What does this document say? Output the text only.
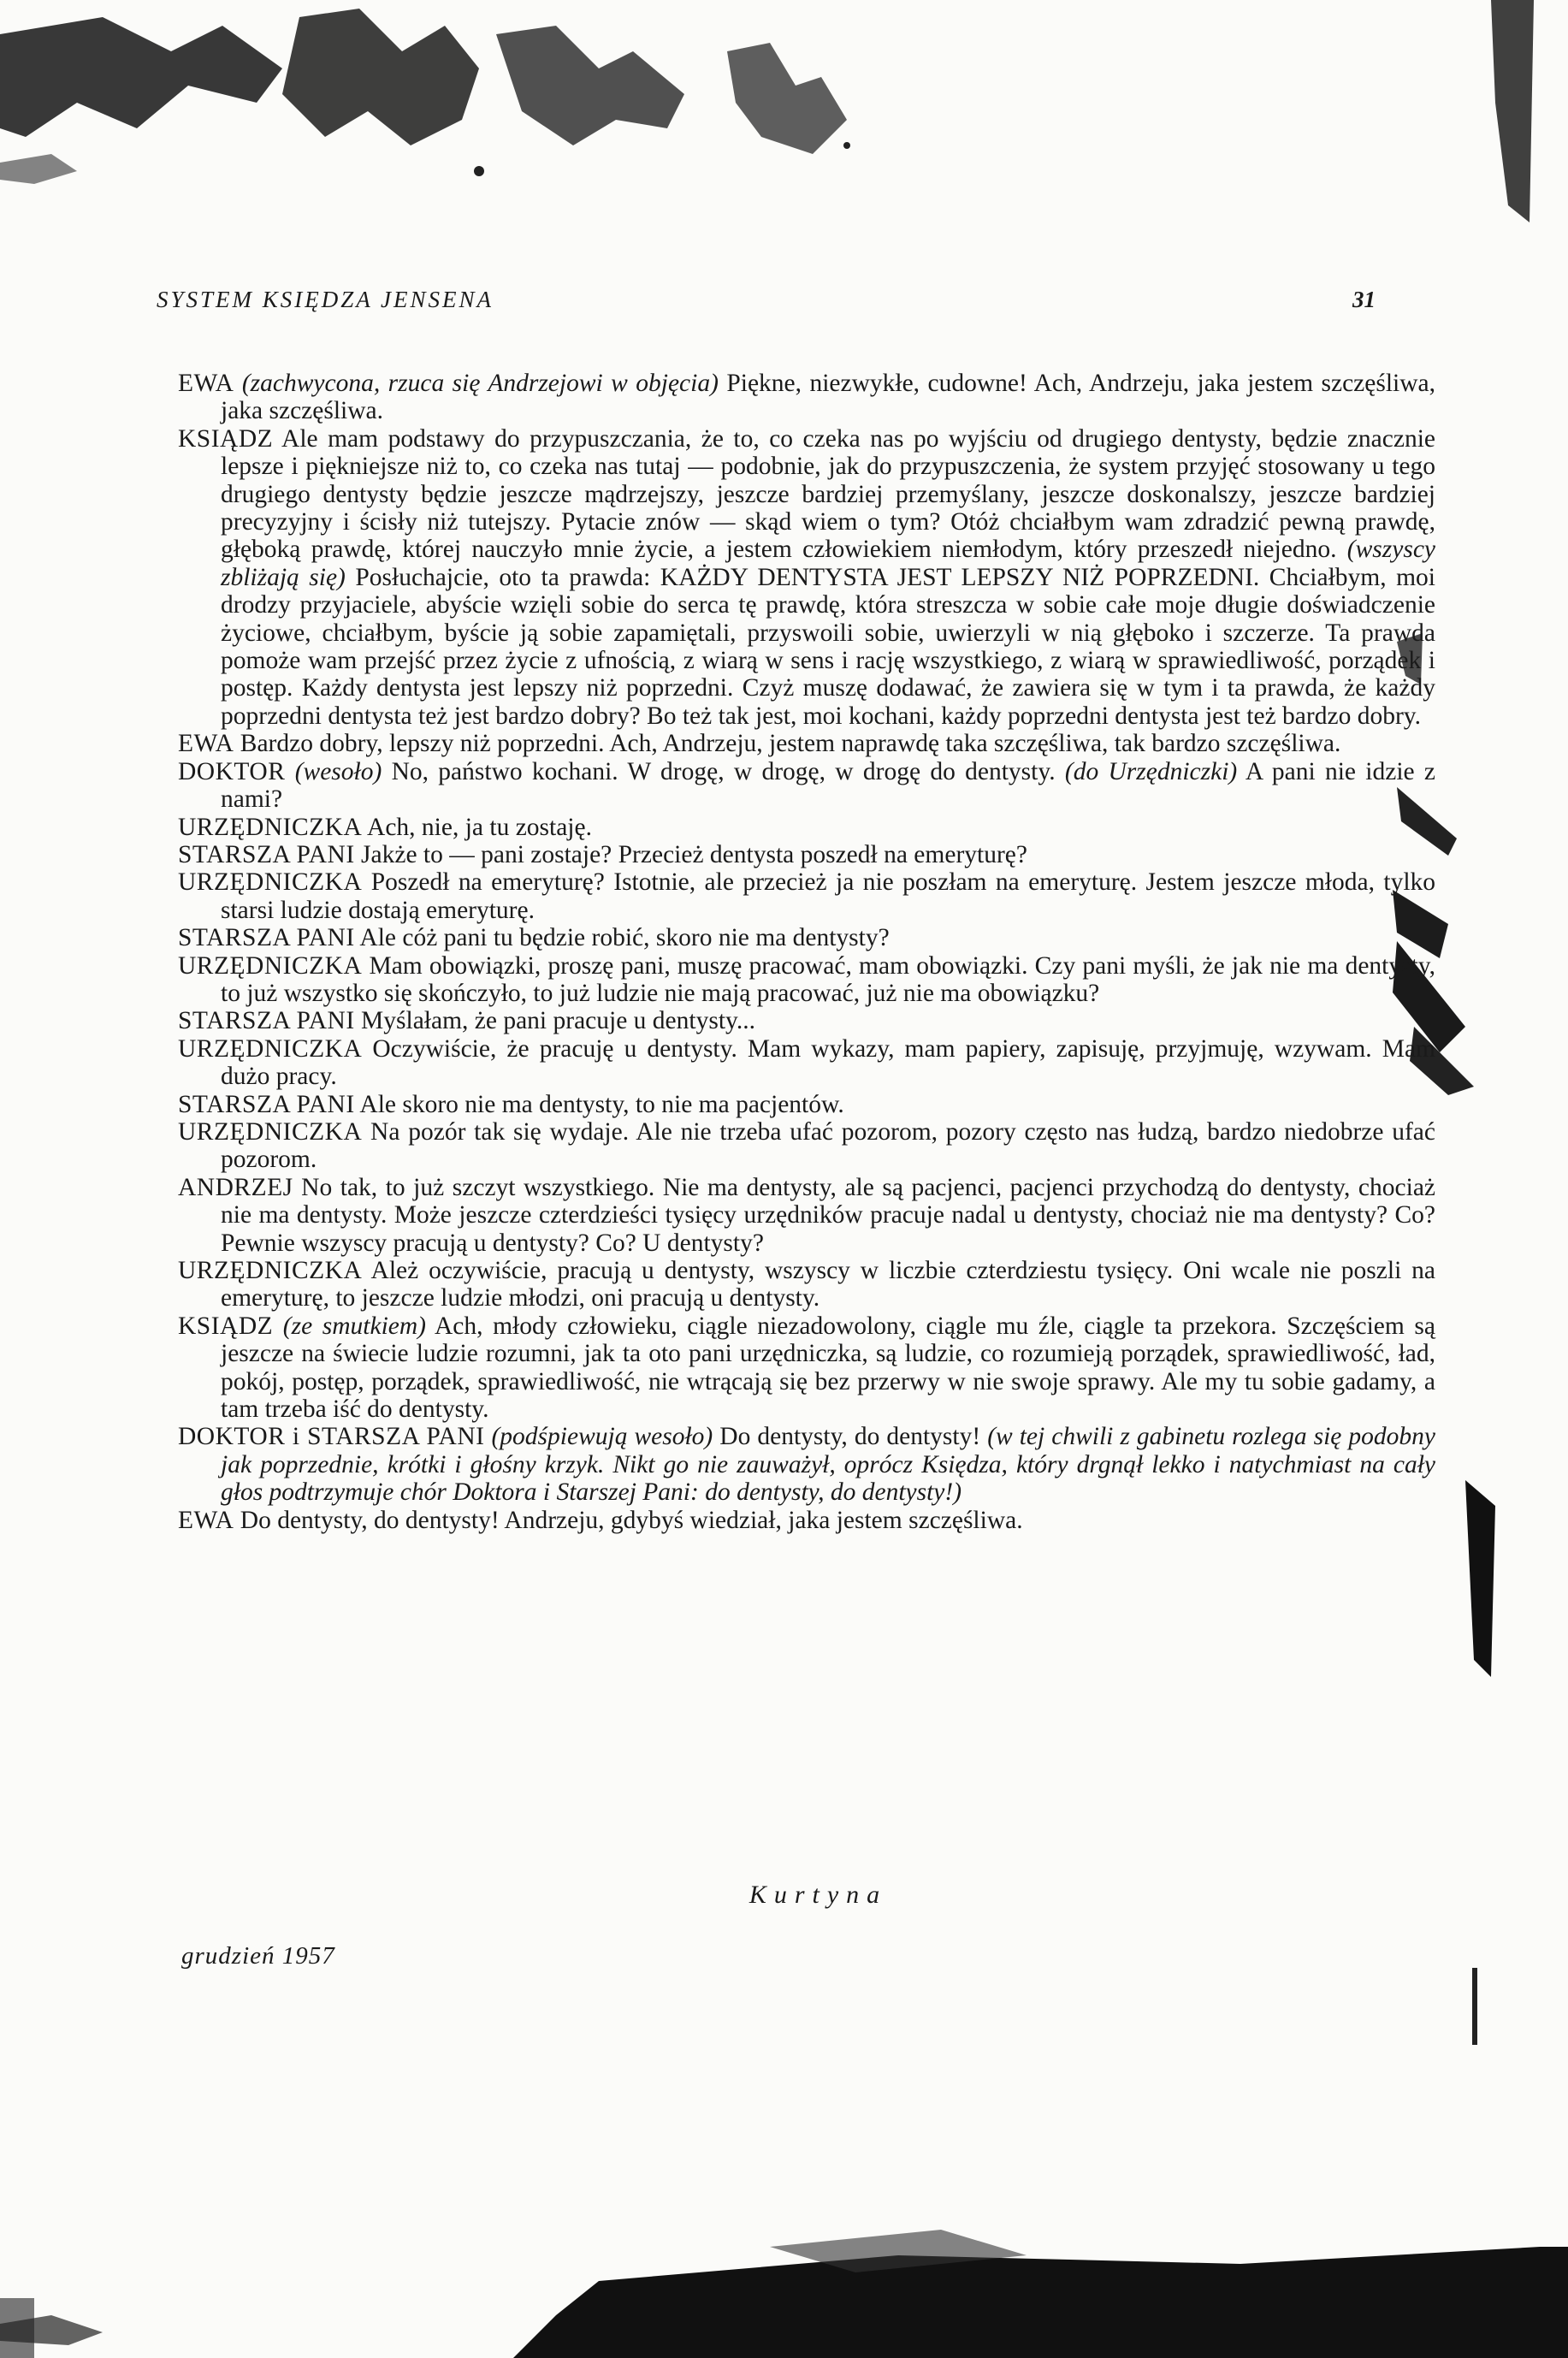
SYSTEM KSIĘDZA JENSENA	31

EWA (zachwycona, rzuca się Andrzejowi w objęcia) Piękne, niezwykłe, cudowne! Ach, Andrzeju, jaka jestem szczęśliwa, jaka szczęśliwa.

KSIĄDZ Ale mam podstawy do przypuszczania, że to, co czeka nas po wyjściu od drugiego dentysty, będzie znacznie lepsze i piękniejsze niż to, co czeka nas tutaj — podobnie, jak do przypuszczenia, że system przyjęć stosowany u tego drugiego dentysty będzie jeszcze mądrzejszy, jeszcze bardziej przemyślany, jeszcze doskonalszy, jeszcze bardziej precyzyjny i ścisły niż tutejszy. Pytacie znów — skąd wiem o tym? Otóż chciałbym wam zdradzić pewną prawdę, głęboką prawdę, której nauczyło mnie życie, a jestem człowiekiem niemłodym, który przeszedł niejedno. (wszyscy zbliżają się) Posłuchajcie, oto ta prawda: KAŻDY DENTYSTA JEST LEPSZY NIŻ POPRZEDNI. Chciałbym, moi drodzy przyjaciele, abyście wzięli sobie do serca tę prawdę, która streszcza w sobie całe moje długie doświadczenie życiowe, chciałbym, byście ją sobie zapamiętali, przyswoili sobie, uwierzyli w nią głęboko i szczerze. Ta prawda pomoże wam przejść przez życie z ufnością, z wiarą w sens i rację wszystkiego, z wiarą w sprawiedliwość, porządek i postęp. Każdy dentysta jest lepszy niż poprzedni. Czyż muszę dodawać, że zawiera się w tym i ta prawda, że każdy poprzedni dentysta też jest bardzo dobry? Bo też tak jest, moi kochani, każdy poprzedni dentysta jest też bardzo dobry.

EWA Bardzo dobry, lepszy niż poprzedni. Ach, Andrzeju, jestem naprawdę taka szczęśliwa, tak bardzo szczęśliwa.

DOKTOR (wesoło) No, państwo kochani. W drogę, w drogę, w drogę do dentysty. (do Urzędniczki) A pani nie idzie z nami?

URZĘDNICZKA Ach, nie, ja tu zostaję.

STARSZA PANI Jakże to — pani zostaje? Przecież dentysta poszedł na emeryturę?

URZĘDNICZKA Poszedł na emeryturę? Istotnie, ale przecież ja nie poszłam na emeryturę. Jestem jeszcze młoda, tylko starsi ludzie dostają emeryturę.

STARSZA PANI Ale cóż pani tu będzie robić, skoro nie ma dentysty?

URZĘDNICZKA Mam obowiązki, proszę pani, muszę pracować, mam obowiązki. Czy pani myśli, że jak nie ma dentysty, to już wszystko się skończyło, to już ludzie nie mają pracować, już nie ma obowiązku?

STARSZA PANI Myślałam, że pani pracuje u dentysty...

URZĘDNICZKA Oczywiście, że pracuję u dentysty. Mam wykazy, mam papiery, zapisuję, przyjmuję, wzywam. Mam dużo pracy.

STARSZA PANI Ale skoro nie ma dentysty, to nie ma pacjentów.

URZĘDNICZKA Na pozór tak się wydaje. Ale nie trzeba ufać pozorom, pozory często nas łudzą, bardzo niedobrze ufać pozorom.

ANDRZEJ No tak, to już szczyt wszystkiego. Nie ma dentysty, ale są pacjenci, pacjenci przychodzą do dentysty, chociaż nie ma dentysty. Może jeszcze czterdzieści tysięcy urzędników pracuje nadal u dentysty, chociaż nie ma dentysty? Co? Pewnie wszyscy pracują u dentysty? Co? U dentysty?

URZĘDNICZKA Ależ oczywiście, pracują u dentysty, wszyscy w liczbie czterdziestu tysięcy. Oni wcale nie poszli na emeryturę, to jeszcze ludzie młodzi, oni pracują u dentysty.

KSIĄDZ (ze smutkiem) Ach, młody człowieku, ciągle niezadowolony, ciągle mu źle, ciągle ta przekora. Szczęściem są jeszcze na świecie ludzie rozumni, jak ta oto pani urzędniczka, są ludzie, co rozumieją porządek, sprawiedliwość, ład, pokój, postęp, porządek, sprawiedliwość, nie wtrącają się bez przerwy w nie swoje sprawy. Ale my tu sobie gadamy, a tam trzeba iść do dentysty.

DOKTOR i STARSZA PANI (podśpiewują wesoło) Do dentysty, do dentysty! (w tej chwili z gabinetu rozlega się podobny jak poprzednie, krótki i głośny krzyk. Nikt go nie zauważył, oprócz Księdza, który drgnął lekko i natychmiast na cały głos podtrzymuje chór Doktora i Starszej Pani: do dentysty, do dentysty!)

EWA Do dentysty, do dentysty! Andrzeju, gdybyś wiedział, jaka jestem szczęśliwa.

Kurtyna
grudzień 1957
